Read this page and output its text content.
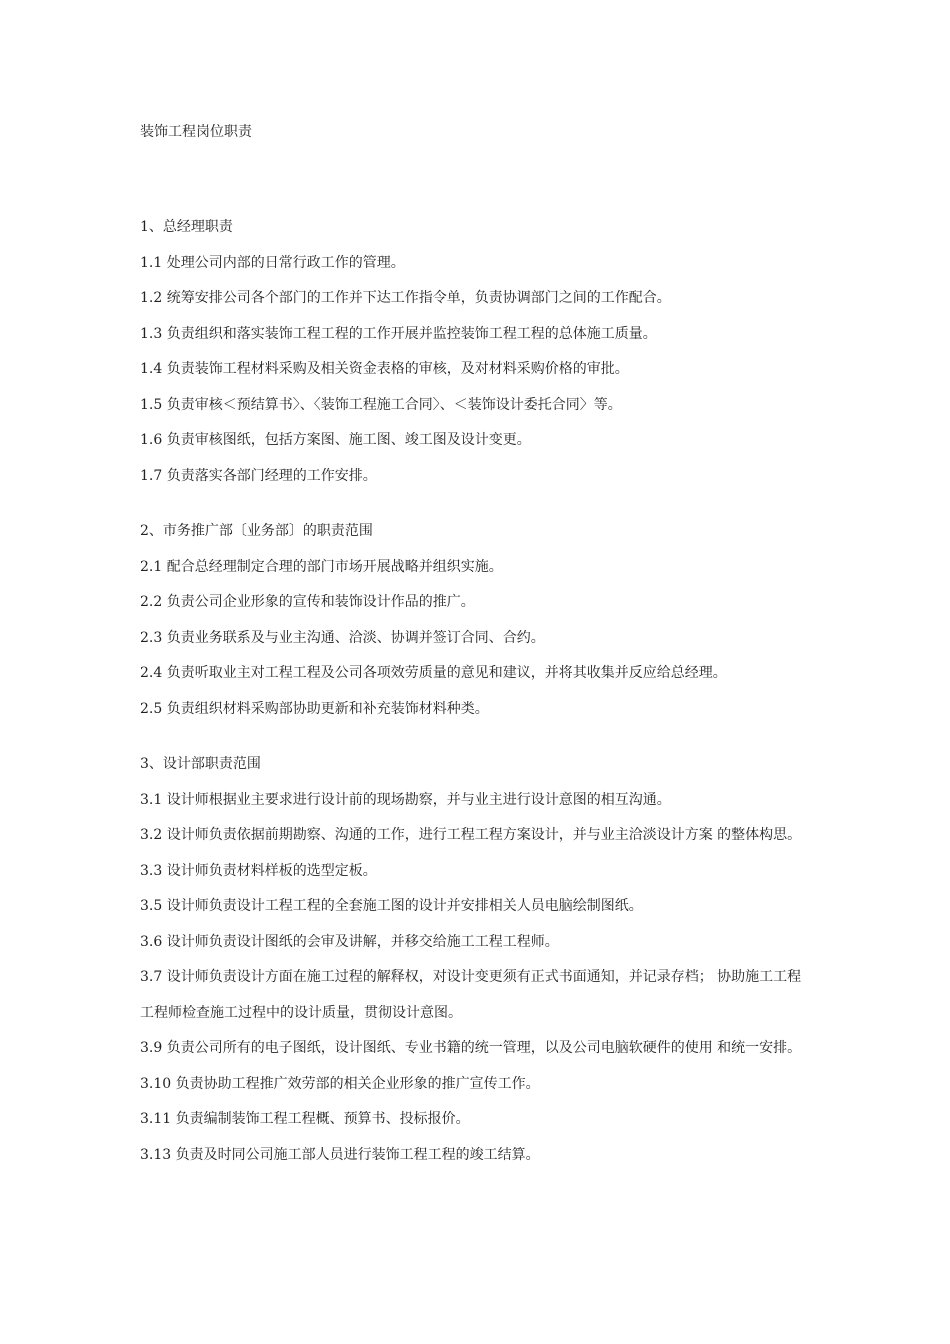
装饰工程岗位职责

1、总经理职责

1.1 处理公司内部的日常行政工作的管理。

1.2 统筹安排公司各个部门的工作并下达工作指令单，负责协调部门之间的工作配合。

1.3 负责组织和落实装饰工程工程的工作开展并监控装饰工程工程的总体施工质量。

1.4 负责装饰工程材料采购及相关资金表格的审核，及对材料采购价格的审批。

1.5 负责审核＜预结算书〉、〈装饰工程施工合同〉、＜装饰设计委托合同〉等。

1.6 负责审核图纸，包括方案图、施工图、竣工图及设计变更。

1.7 负责落实各部门经理的工作安排。

2、市务推广部〔业务部〕的职责范围

2.1 配合总经理制定合理的部门市场开展战略并组织实施。

2.2 负责公司企业形象的宣传和装饰设计作品的推广。

2.3 负责业务联系及与业主沟通、洽淡、协调并签订合同、合约。

2.4 负责听取业主对工程工程及公司各项效劳质量的意见和建议，并将其收集并反应给总经理。

2.5 负责组织材料采购部协助更新和补充装饰材料种类。

3、设计部职责范围

3.1 设计师根据业主要求进行设计前的现场勘察，并与业主进行设计意图的相互沟通。

3.2 设计师负责依据前期勘察、沟通的工作，进行工程工程方案设计，并与业主洽淡设计方案 的整体构思。

3.3 设计师负责材料样板的选型定板。

3.5 设计师负责设计工程工程的全套施工图的设计并安排相关人员电脑绘制图纸。

3.6 设计师负责设计图纸的会审及讲解，并移交给施工工程工程师。

3.7 设计师负责设计方面在施工过程的解释权，对设计变更须有正式书面通知，并记录存档； 协助施工工程工程师检查施工过程中的设计质量，贯彻设计意图。

3.9 负责公司所有的电子图纸，设计图纸、专业书籍的统一管理，以及公司电脑软硬件的使用 和统一安排。

3.10 负责协助工程推广效劳部的相关企业形象的推广宣传工作。

3.11 负责编制装饰工程工程概、预算书、投标报价。

3.13 负责及时同公司施工部人员进行装饰工程工程的竣工结算。
